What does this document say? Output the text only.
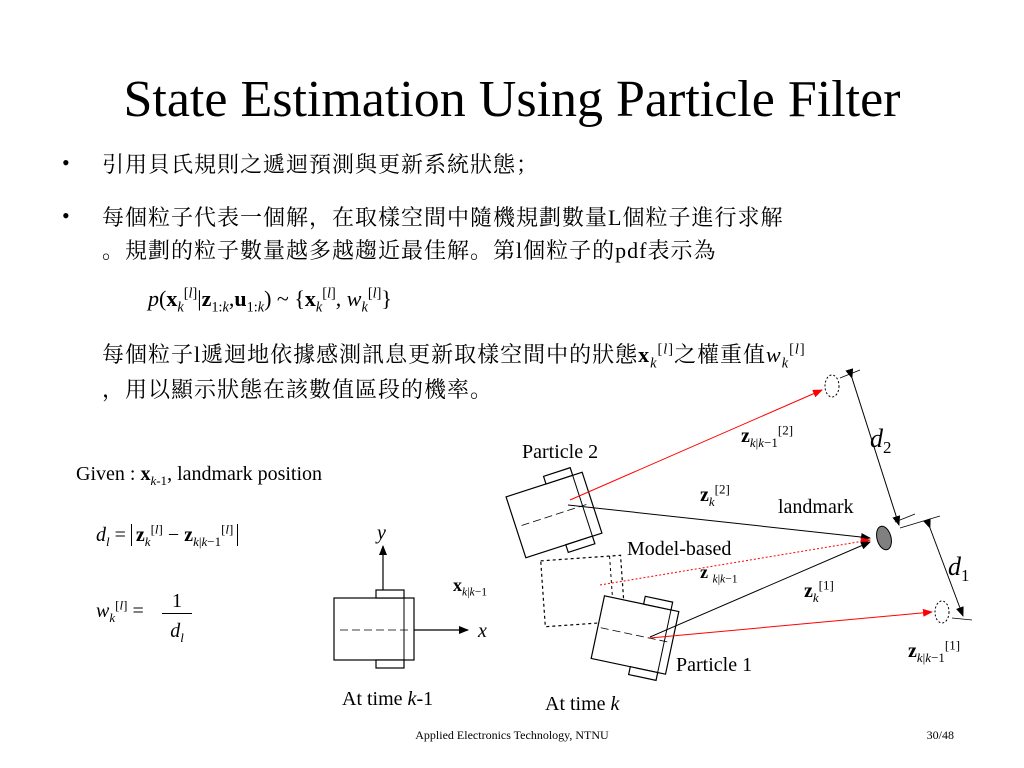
State Estimation Using Particle Filter
• 引用貝氏規則之遞迴預測與更新系統狀態；
• 每個粒子代表一個解，在取樣空間中隨機規劃數量L個粒子進行求解
。規劃的粒子數量越多越趨近最佳解。第l個粒子的pdf表示為
$p(x_k[l]|z_{1:k},u_{1:k})$ ~ {$x_k[l]$, $w_k[l]$}
每個粒子l遞迴地依據感測訊息更新取樣空間中的狀態$x_k[l]$之權重值$w_k[l]$
，用以顯示狀態在該數值區段的機率。
Given : $x_{k-1}$, landmark position
$d_l = z_k[l] - z_{k|k-1}[l]$
$w_k[l]$ =	1
$d_l$
Particle 2
Particle 1
Model-based
landmark
At time k-1	At time k
x
y
$d_2$
$d_1$
$z_{k|k-1}[2]$
$z_k[2]$
z $_{k|k-1}$
$z_k[1]$
$z_{k|k-1}[1]$
$x_{k|k-1}$
Applied Electronics Technology, NTNU	30/48
